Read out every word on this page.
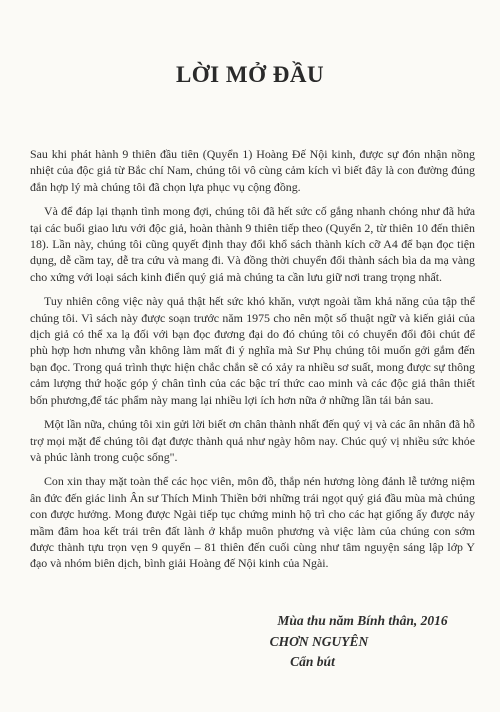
LỜI MỞ ĐẦU

Sau khi phát hành 9 thiên đầu tiên (Quyển 1) Hoàng Đế Nội kinh, được sự đón nhận nồng nhiệt của độc giả từ Bắc chí Nam, chúng tôi vô cùng cảm kích vì biết đây là con đường đúng đắn hợp lý mà chúng tôi đã chọn lựa phục vụ cộng đồng.

Và để đáp lại thạnh tình mong đợi, chúng tôi đã hết sức cố gắng nhanh chóng như đã hứa tại các buổi giao lưu với độc giả, hoàn thành 9 thiên tiếp theo (Quyển 2, từ thiên 10 đến thiên 18). Lần này, chúng tôi cũng quyết định thay đổi khổ sách thành kích cỡ A4 để bạn đọc tiện dụng, dễ cầm tay, dễ tra cứu và mang đi. Và đồng thời chuyển đổi thành sách bìa da mạ vàng cho xứng với loại sách kinh điển quý giá mà chúng ta cần lưu giữ nơi trang trọng nhất.

Tuy nhiên công việc này quả thật hết sức khó khăn, vượt ngoài tầm khả năng của tập thể chúng tôi. Vì sách này được soạn trước năm 1975 cho nên một số thuật ngữ và kiến giải của dịch giả có thể xa lạ đối với bạn đọc đương đại do đó chúng tôi có chuyển đổi đôi chút để phù hợp hơn nhưng vẫn không làm mất đi ý nghĩa mà Sư Phụ chúng tôi muốn gởi gắm đến bạn đọc. Trong quá trình thực hiện chắc chắn sẽ có xảy ra nhiều sơ suất, mong được sự thông cảm lượng thứ hoặc góp ý chân tình của các bậc trí thức cao minh và các độc giả thân thiết bốn phương,để tác phẩm này mang lại nhiều lợi ích hơn nữa ở những lần tái bản sau.

Một lần nữa, chúng tôi xin gửi lời biết ơn chân thành nhất đến quý vị và các ân nhân đã hỗ trợ mọi mặt để chúng tôi đạt được thành quả như ngày hôm nay. Chúc quý vị nhiều sức khỏe và phúc lành trong cuộc sống".

Con xin thay mặt toàn thể các học viên, môn đồ, thắp nén hương lòng đảnh lễ tưởng niệm ân đức đến giác linh Ân sư Thích Minh Thiền bởi những trái ngọt quý giá đầu mùa mà chúng con được hưởng. Mong được Ngài tiếp tục chứng minh hộ trì cho các hạt giống ấy được nảy mầm đâm hoa kết trái trên đất lành ở khắp muôn phương và việc làm của chúng con sớm được thành tựu trọn vẹn 9 quyển – 81 thiên đến cuối cùng như tâm nguyện sáng lập lớp Y đạo và nhóm biên dịch, bình giải Hoàng đế Nội kinh của Ngài.

Mùa thu năm Bính thân, 2016
CHƠN NGUYÊN
Cẩn bút
